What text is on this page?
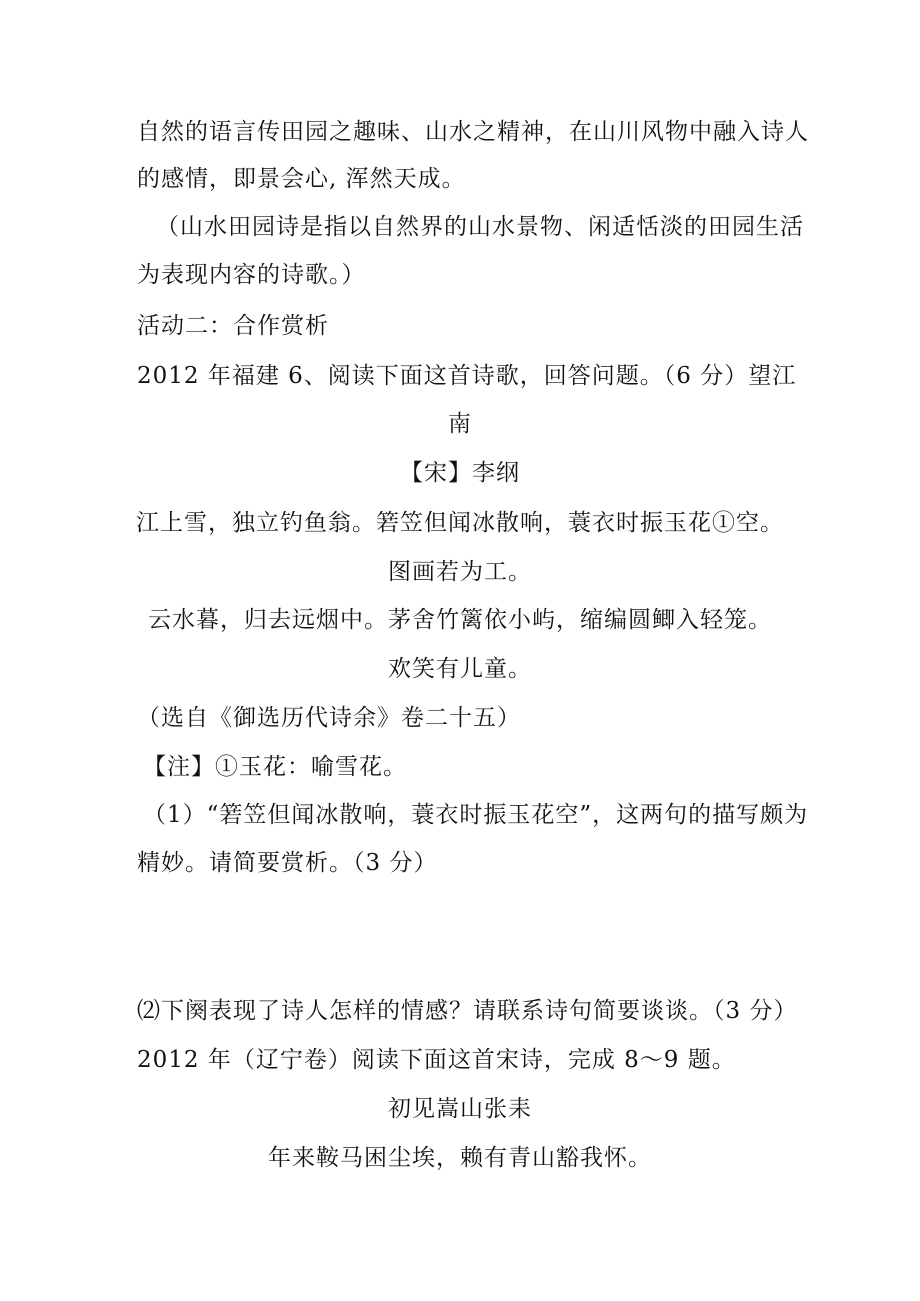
自然的语言传田园之趣味、山水之精神，在山川风物中融入诗人
的感情，即景会心, 浑然天成。
（山水田园诗是指以自然界的山水景物、闲适恬淡的田园生活
为表现内容的诗歌。）
活动二：合作赏析
2012 年福建 6、阅读下面这首诗歌，回答问题。（6 分）望江
南
【宋】李纲
江上雪，独立钓鱼翁。箬笠但闻冰散响，蓑衣时振玉花①空。
图画若为工。
云水暮，归去远烟中。茅舍竹篱依小屿，缩编圆鲫入轻笼。
欢笑有儿童。
（选自《御选历代诗余》卷二十五）
【注】①玉花：喻雪花。
（1）“箬笠但闻冰散响，蓑衣时振玉花空”，这两句的描写颇为
精妙。请简要赏析。（3 分）
⑵下阕表现了诗人怎样的情感？请联系诗句简要谈谈。（3 分）
2012 年（辽宁卷）阅读下面这首宋诗，完成 8～9 题。
初见嵩山张耒
年来鞍马困尘埃，赖有青山豁我怀。
